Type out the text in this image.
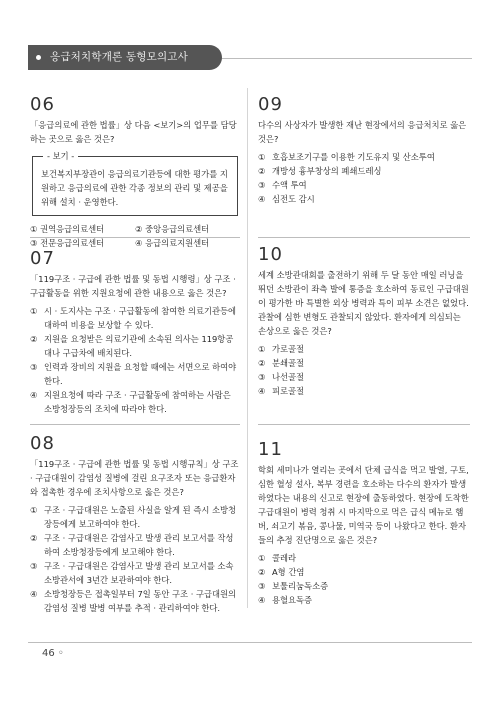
응급처치학개론 동형모의고사
06
「응급의료에 관한 법률」상 다음 <보기>의 업무를 담당하는 곳으로 옳은 것은?
- 보기 -
보건복지부장관이 응급의료기관등에 대한 평가를 지원하고 응급의료에 관한 각종 정보의 관리 및 제공을 위해 설치 · 운영한다.
① 권역응급의료센터	② 중앙응급의료센터
③ 전문응급의료센터	④ 응급의료지원센터
07
「119구조 · 구급에 관한 법률 및 동법 시행령」상 구조 · 구급활동을 위한 지원요청에 관한 내용으로 옳은 것은?
① 시 · 도지사는 구조 · 구급활동에 참여한 의료기관등에 대하여 비용을 보상할 수 있다.
② 지원을 요청받은 의료기관에 소속된 의사는 119항공대나 구급차에 배치된다.
③ 인력과 장비의 지원을 요청할 때에는 서면으로 하여야 한다.
④ 지원요청에 따라 구조 · 구급활동에 참여하는 사람은 소방청장등의 조치에 따라야 한다.
08
「119구조 · 구급에 관한 법률 및 동법 시행규칙」상 구조 · 구급대원이 감염성 질병에 걸린 요구조자 또는 응급환자와 접촉한 경우에 조치사항으로 옳은 것은?
① 구조 · 구급대원은 노출된 사실을 알게 된 즉시 소방청장등에게 보고하여야 한다.
② 구조 · 구급대원은 감염사고 발생 관리 보고서를 작성하여 소방청장등에게 보고해야 한다.
③ 구조 · 구급대원은 감염사고 발생 관리 보고서를 소속 소방관서에 3년간 보관하여야 한다.
④ 소방청장등은 접촉일부터 7일 동안 구조 · 구급대원의 감염성 질병 발병 여부를 추적 · 관리하여야 한다.
09
다수의 사상자가 발생한 재난 현장에서의 응급처치로 옳은 것은?
① 호흡보조기구를 이용한 기도유지 및 산소투여
② 개방성 흉부창상의 폐쇄드레싱
③ 수액 투여
④ 심전도 감시
10
세계 소방관대회를 출전하기 위해 두 달 동안 매일 러닝을 뛰던 소방관이 좌측 발에 통증을 호소하여 동료인 구급대원이 평가한 바 특별한 외상 병력과 특이 피부 소견은 없었다. 관찰에 심한 변형도 관찰되지 않았다. 환자에게 의심되는 손상으로 옳은 것은?
① 가로골절
② 분쇄골절
③ 나선골절
④ 피로골절
11
학회 세미나가 열리는 곳에서 단체 급식을 먹고 발열, 구토, 심한 혈성 설사, 복부 경련을 호소하는 다수의 환자가 발생하였다는 내용의 신고로 현장에 출동하였다. 현장에 도착한 구급대원이 병력 청취 시 마지막으로 먹은 급식 메뉴로 햄버, 쇠고기 볶음, 콩나물, 미역국 등이 나왔다고 한다. 환자들의 추정 진단명으로 옳은 것은?
① 콜레라
② A형 간염
③ 보툴리눔독소증
④ 용혈요독증
46 ◦
